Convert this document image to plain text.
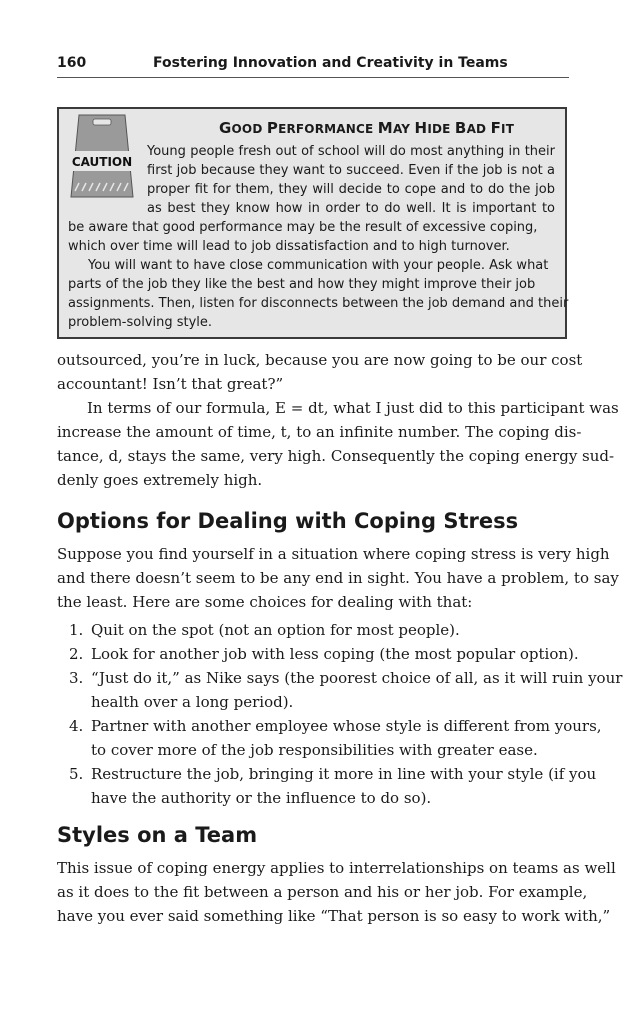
160	Fostering Innovation and Creativity in Teams
CAUTION
GOOD PERFORMANCE MAY HIDE BAD FIT
Young people fresh out of school will do most anything in their
first job because they want to succeed. Even if the job is not a
proper fit for them, they will decide to cope and to do the job
as best they know how in order to do well. It is important to
be aware that good performance may be the result of excessive coping,
which over time will lead to job dissatisfaction and to high turnover.
You will want to have close communication with your people. Ask what
parts of the job they like the best and how they might improve their job
assignments. Then, listen for disconnects between the job demand and their
problem-solving style.
outsourced, you’re in luck, because you are now going to be our cost
accountant! Isn’t that great?”
In terms of our formula, E = dt, what I just did to this participant was
increase the amount of time, t, to an infinite number. The coping dis-
tance, d, stays the same, very high. Consequently the coping energy sud-
denly goes extremely high.
Options for Dealing with Coping Stress
Suppose you find yourself in a situation where coping stress is very high
and there doesn’t seem to be any end in sight. You have a problem, to say
the least. Here are some choices for dealing with that:
1. Quit on the spot (not an option for most people).
2. Look for another job with less coping (the most popular option).
3. “Just do it,” as Nike says (the poorest choice of all, as it will ruin your
health over a long period).
4. Partner with another employee whose style is different from yours,
to cover more of the job responsibilities with greater ease.
5. Restructure the job, bringing it more in line with your style (if you
have the authority or the influence to do so).
Styles on a Team
This issue of coping energy applies to interrelationships on teams as well
as it does to the fit between a person and his or her job. For example,
have you ever said something like “That person is so easy to work with,”
